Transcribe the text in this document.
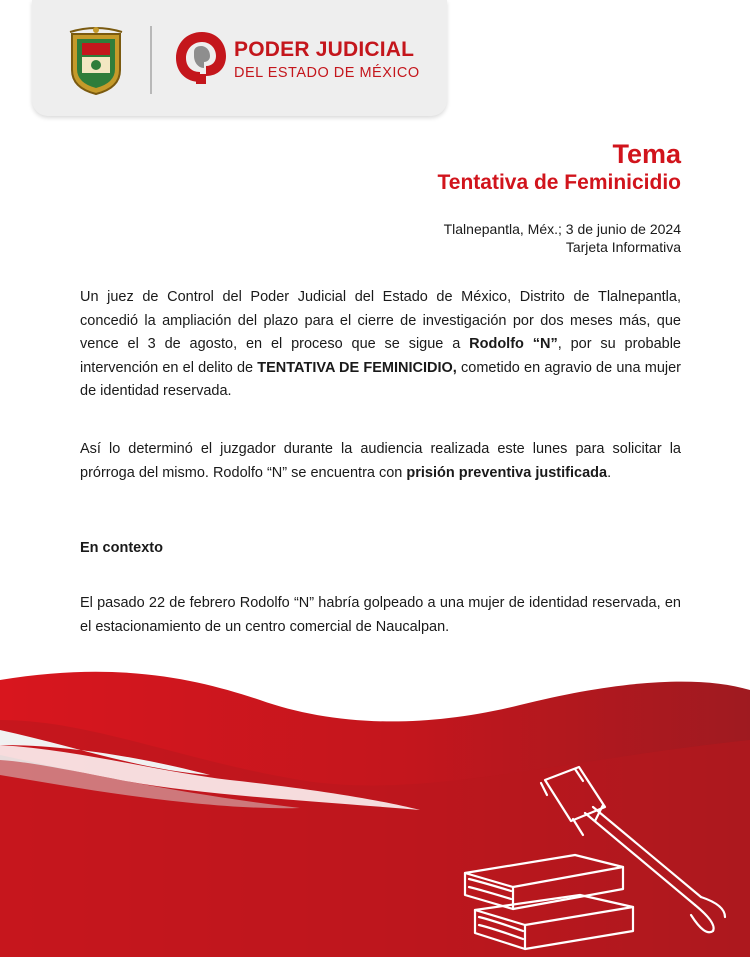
PODER JUDICIAL
DEL ESTADO DE MÉXICO
Tema
Tentativa de Feminicidio
Tlalnepantla, Méx.; 3 de junio de 2024
Tarjeta Informativa
Un juez de Control del Poder Judicial del Estado de México, Distrito de Tlalnepantla, concedió la ampliación del plazo para el cierre de investigación por dos meses más, que vence el 3 de agosto, en el proceso que se sigue a Rodolfo “N”, por su probable intervención en el delito de TENTATIVA DE FEMINICIDIO, cometido en agravio de una mujer de identidad reservada.
Así lo determinó el juzgador durante la audiencia realizada este lunes para solicitar la prórroga del mismo. Rodolfo “N” se encuentra con prisión preventiva justificada.
En contexto
El pasado 22 de febrero Rodolfo “N” habría golpeado a una mujer de identidad reservada, en el estacionamiento de un centro comercial de Naucalpan.
